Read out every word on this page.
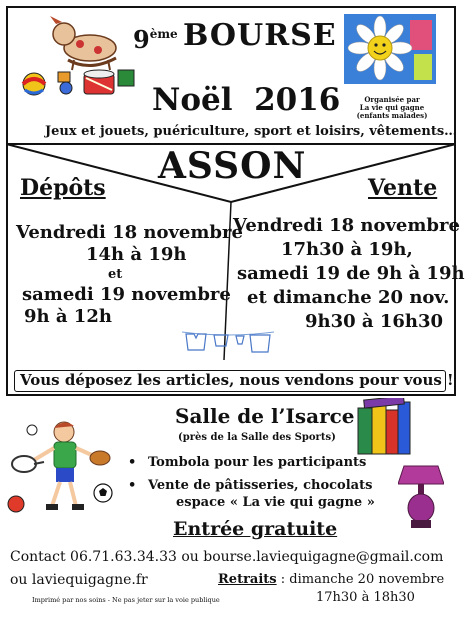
9ème BOURSE
Noël  2016	Organisée par
La vie qui gagne
(enfants malades)
Jeux et jouets, puériculture, sport et loisirs, vêtements…
ASSON
Dépôts	Vente
Vendredi 18 novembre
14h à 19h
et
samedi 19 novembre
9h à 12h
Vendredi 18 novembre
17h30 à 19h,
samedi 19 de 9h à 19h
et dimanche 20 nov.
9h30 à 16h30
Vous déposez les articles, nous vendons pour vous !
Salle de l’Isarce
(près de la Salle des Sports)
• Tombola pour les participants
• Vente de pâtisseries, chocolats
espace « La vie qui gagne »
Entrée gratuite
Contact 06.71.63.34.33 ou bourse.laviequigagne@gmail.com
ou laviequigagne.fr	Retraits : dimanche 20 novembre
17h30 à 18h30
Imprimé par nos soins - Ne pas jeter sur la voie publique
